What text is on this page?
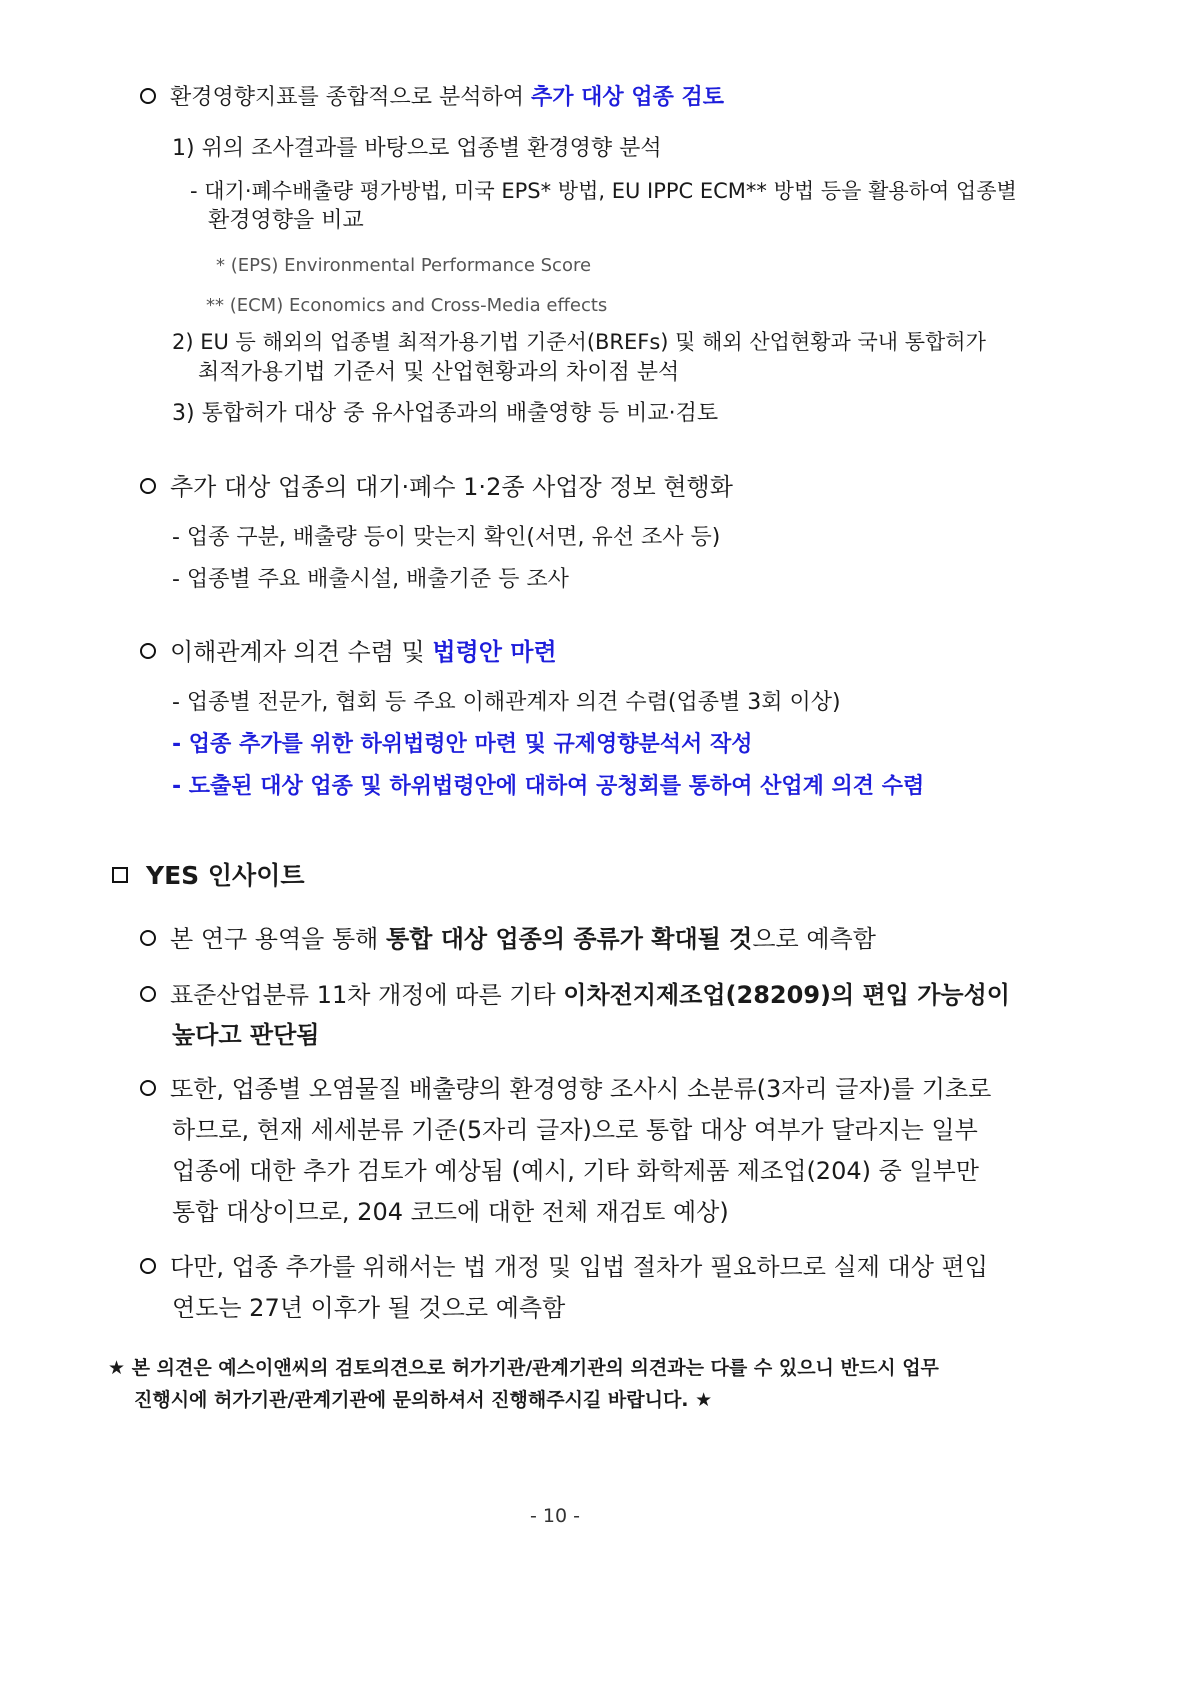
환경영향지표를 종합적으로 분석하여 추가 대상 업종 검토
1) 위의 조사결과를 바탕으로 업종별 환경영향 분석
- 대기·폐수배출량 평가방법, 미국 EPS* 방법, EU IPPC ECM** 방법 등을 활용하여 업종별
환경영향을 비교
* (EPS) Environmental Performance Score
** (ECM) Economics and Cross-Media effects
2) EU 등 해외의 업종별 최적가용기법 기준서(BREFs) 및 해외 산업현황과 국내 통합허가
최적가용기법 기준서 및 산업현황과의 차이점 분석
3) 통합허가 대상 중 유사업종과의 배출영향 등 비교·검토
추가 대상 업종의 대기·폐수 1·2종 사업장 정보 현행화
- 업종 구분, 배출량 등이 맞는지 확인(서면, 유선 조사 등)
- 업종별 주요 배출시설, 배출기준 등 조사
이해관계자 의견 수렴 및 법령안 마련
- 업종별 전문가, 협회 등 주요 이해관계자 의견 수렴(업종별 3회 이상)
- 업종 추가를 위한 하위법령안 마련 및 규제영향분석서 작성
- 도출된 대상 업종 및 하위법령안에 대하여 공청회를 통하여 산업계 의견 수렴
YES 인사이트
본 연구 용역을 통해 통합 대상 업종의 종류가 확대될 것으로 예측함
표준산업분류 11차 개정에 따른 기타 이차전지제조업(28209)의 편입 가능성이
높다고 판단됨
또한, 업종별 오염물질 배출량의 환경영향 조사시 소분류(3자리 글자)를 기초로
하므로, 현재 세세분류 기준(5자리 글자)으로 통합 대상 여부가 달라지는 일부
업종에 대한 추가 검토가 예상됨 (예시, 기타 화학제품 제조업(204) 중 일부만
통합 대상이므로, 204 코드에 대한 전체 재검토 예상)
다만, 업종 추가를 위해서는 법 개정 및 입법 절차가 필요하므로 실제 대상 편입
연도는 27년 이후가 될 것으로 예측함
★ 본 의견은 예스이앤씨의 검토의견으로 허가기관/관계기관의 의견과는 다를 수 있으니 반드시 업무
진행시에 허가기관/관계기관에 문의하셔서 진행해주시길 바랍니다. ★
- 10 -
